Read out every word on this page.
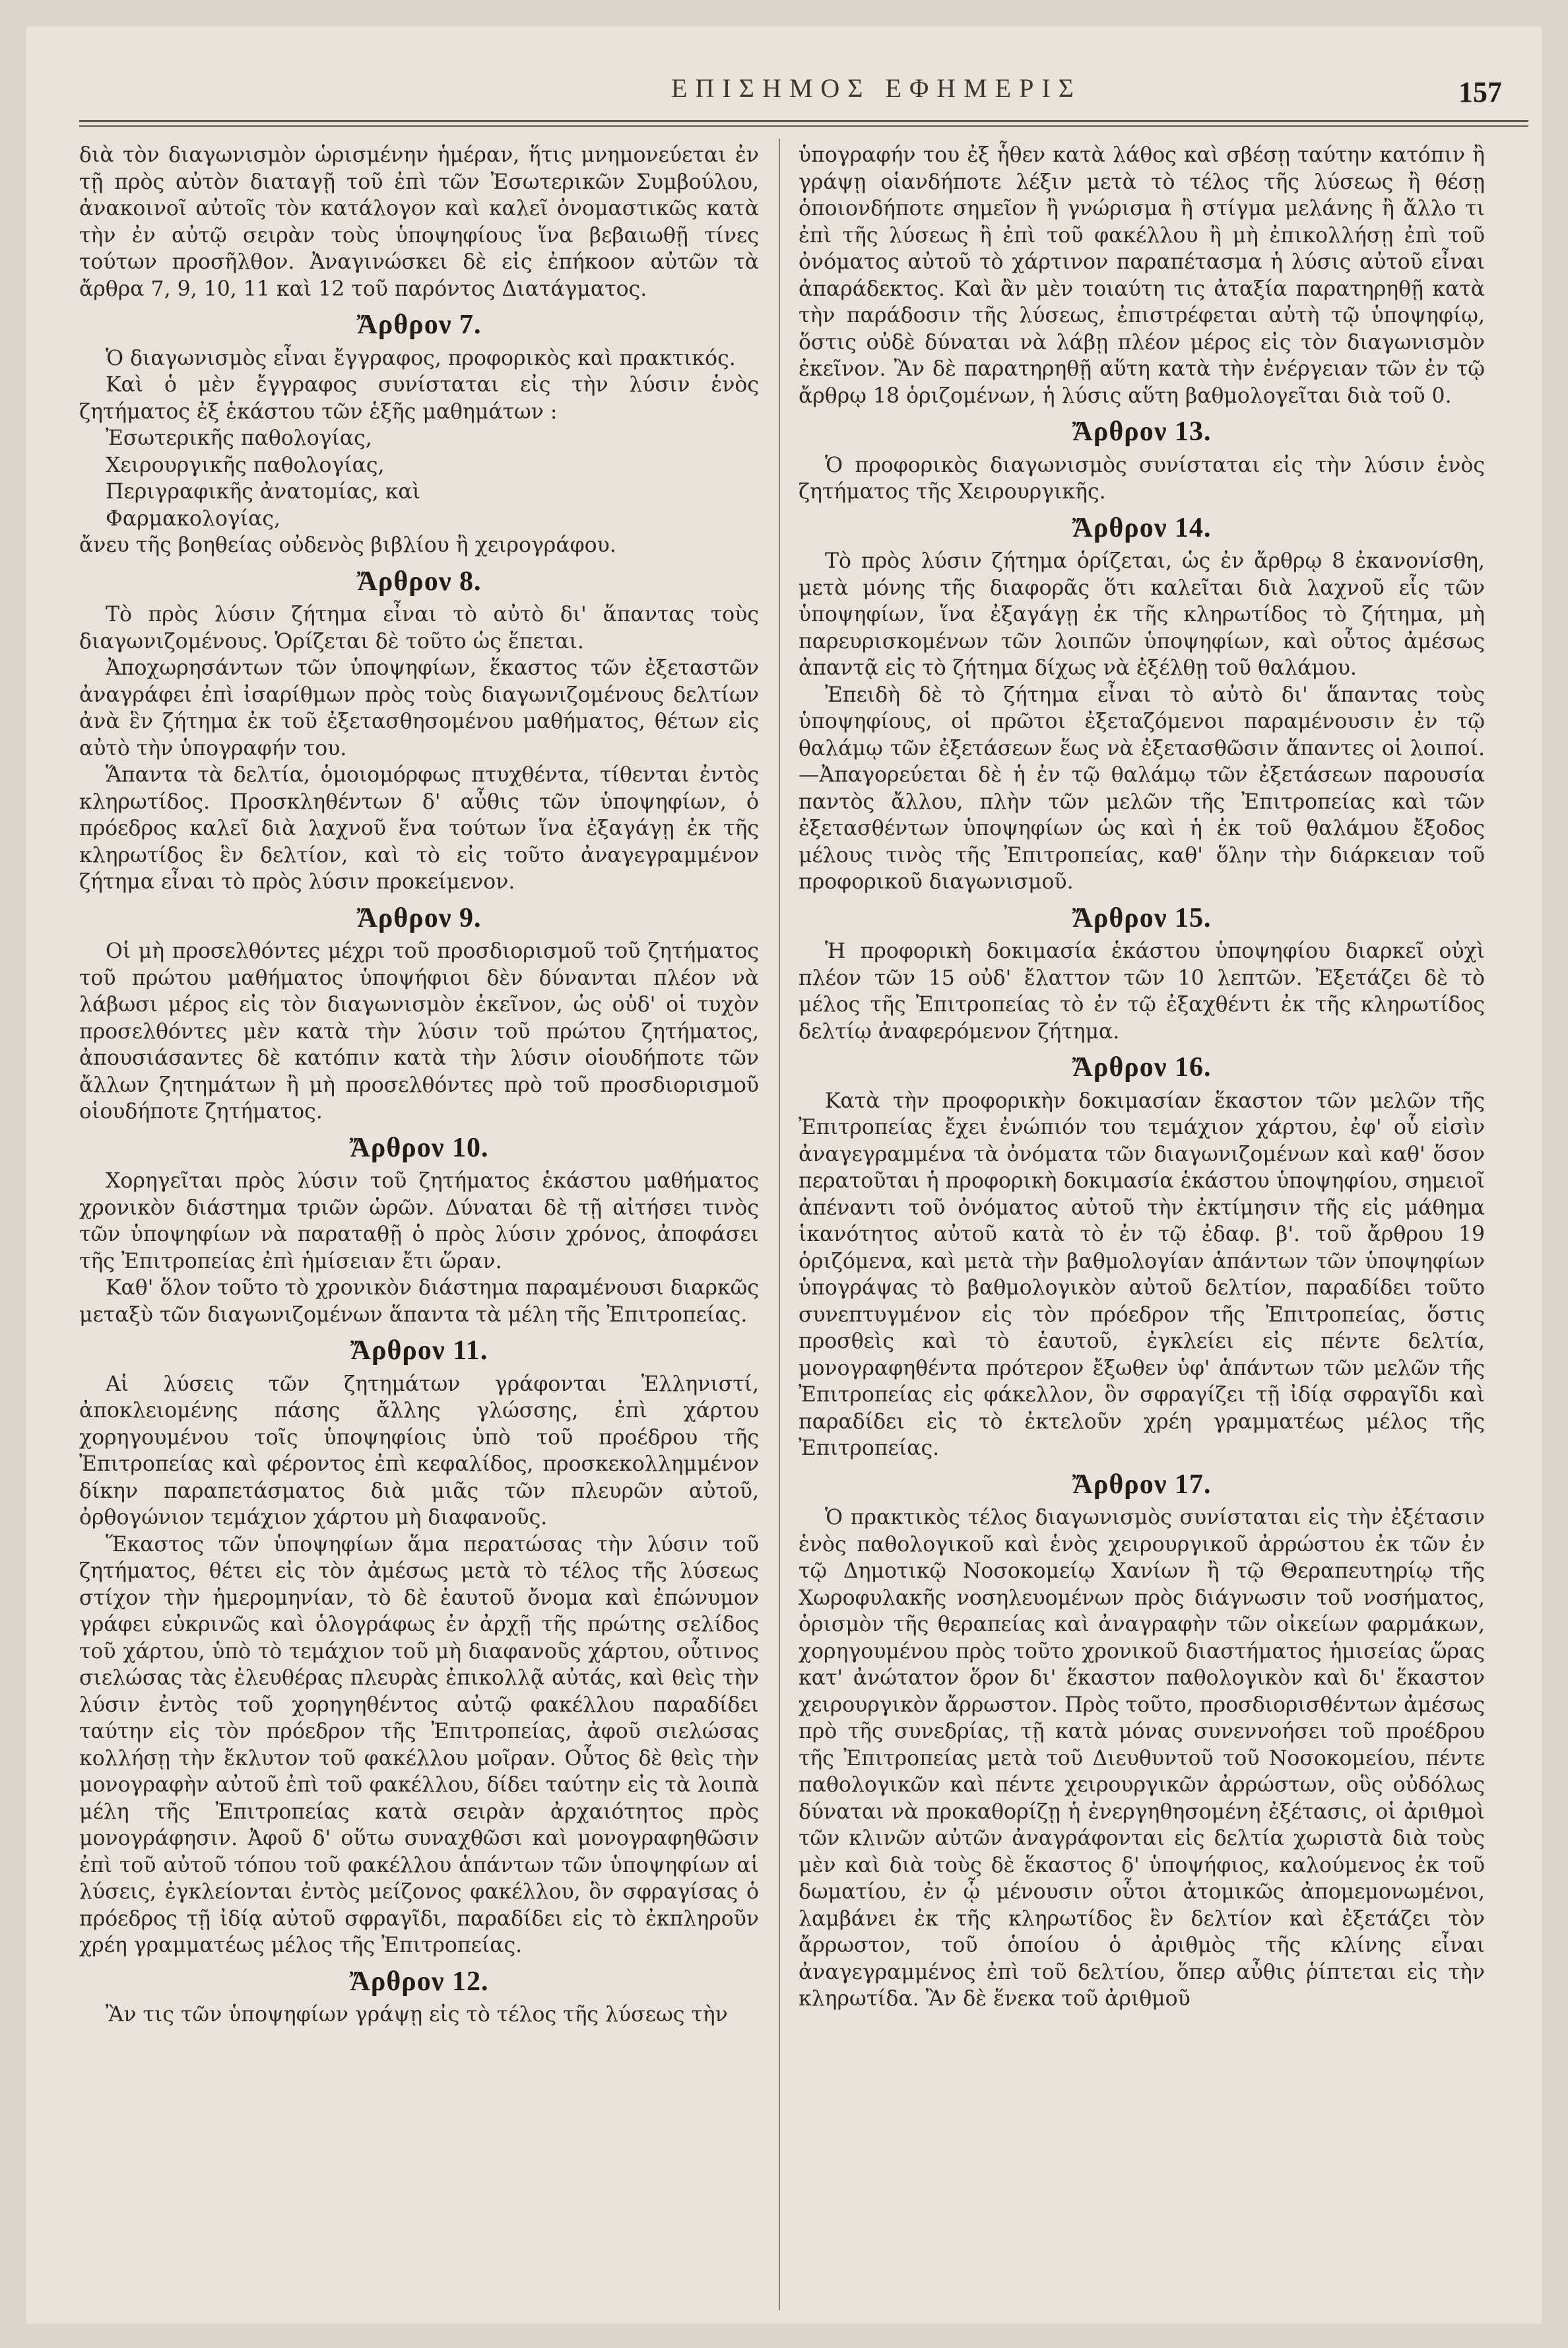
ΕΠΙΣΗΜΟΣ ΕΦΗΜΕΡΙΣ	157

διὰ τὸν διαγωνισμὸν ὡρισμένην ἡμέραν, ἥτις μνημονεύεται ἐν τῇ πρὸς αὐτὸν διαταγῇ τοῦ ἐπὶ τῶν Ἐσωτερικῶν Συμβούλου, ἀνακοινοῖ αὐτοῖς τὸν κατάλογον καὶ καλεῖ ὀνομαστικῶς κατὰ τὴν ἐν αὐτῷ σειρὰν τοὺς ὑποψηφίους ἵνα βεβαιωθῇ τίνες τούτων προσῆλθον. Ἀναγινώσκει δὲ εἰς ἐπήκοον αὐτῶν τὰ ἄρθρα 7, 9, 10, 11 καὶ 12 τοῦ παρόντος Διατάγματος.

Ἄρθρον 7.

Ὁ διαγωνισμὸς εἶναι ἔγγραφος, προφορικὸς καὶ πρακτικός.

Καὶ ὁ μὲν ἔγγραφος συνίσταται εἰς τὴν λύσιν ἑνὸς ζητήματος ἐξ ἑκάστου τῶν ἑξῆς μαθημάτων :

Ἐσωτερικῆς παθολογίας,
Χειρουργικῆς παθολογίας,
Περιγραφικῆς ἀνατομίας, καὶ
Φαρμακολογίας,

ἄνευ τῆς βοηθείας οὐδενὸς βιβλίου ἢ χειρογράφου.

Ἄρθρον 8.

Τὸ πρὸς λύσιν ζήτημα εἶναι τὸ αὐτὸ δι' ἅπαντας τοὺς διαγωνιζομένους. Ὁρίζεται δὲ τοῦτο ὡς ἕπεται.

Ἀποχωρησάντων τῶν ὑποψηφίων, ἕκαστος τῶν ἐξεταστῶν ἀναγράφει ἐπὶ ἰσαρίθμων πρὸς τοὺς διαγωνιζομένους δελτίων ἀνὰ ἓν ζήτημα ἐκ τοῦ ἐξετασθησομένου μαθήματος, θέτων εἰς αὐτὸ τὴν ὑπογραφήν του.

Ἅπαντα τὰ δελτία, ὁμοιομόρφως πτυχθέντα, τίθενται ἐντὸς κληρωτίδος. Προσκληθέντων δ' αὖθις τῶν ὑποψηφίων, ὁ πρόεδρος καλεῖ διὰ λαχνοῦ ἕνα τούτων ἵνα ἐξαγάγῃ ἐκ τῆς κληρωτίδος ἓν δελτίον, καὶ τὸ εἰς τοῦτο ἀναγεγραμμένον ζήτημα εἶναι τὸ πρὸς λύσιν προκείμενον.

Ἄρθρον 9.

Οἱ μὴ προσελθόντες μέχρι τοῦ προσδιορισμοῦ τοῦ ζητήματος τοῦ πρώτου μαθήματος ὑποψήφιοι δὲν δύνανται πλέον νὰ λάβωσι μέρος εἰς τὸν διαγωνισμὸν ἐκεῖνον, ὡς οὐδ' οἱ τυχὸν προσελθόντες μὲν κατὰ τὴν λύσιν τοῦ πρώτου ζητήματος, ἀπουσιάσαντες δὲ κατόπιν κατὰ τὴν λύσιν οἱουδήποτε τῶν ἄλλων ζητημάτων ἢ μὴ προσελθόντες πρὸ τοῦ προσδιορισμοῦ οἱουδήποτε ζητήματος.

Ἄρθρον 10.

Χορηγεῖται πρὸς λύσιν τοῦ ζητήματος ἑκάστου μαθήματος χρονικὸν διάστημα τριῶν ὡρῶν. Δύναται δὲ τῇ αἰτήσει τινὸς τῶν ὑποψηφίων νὰ παραταθῇ ὁ πρὸς λύσιν χρόνος, ἀποφάσει τῆς Ἐπιτροπείας ἐπὶ ἡμίσειαν ἔτι ὥραν.

Καθ' ὅλον τοῦτο τὸ χρονικὸν διάστημα παραμένουσι διαρκῶς μεταξὺ τῶν διαγωνιζομένων ἅπαντα τὰ μέλη τῆς Ἐπιτροπείας.

Ἄρθρον 11.

Αἱ λύσεις τῶν ζητημάτων γράφονται Ἑλληνιστί, ἀποκλειομένης πάσης ἄλλης γλώσσης, ἐπὶ χάρτου χορηγουμένου τοῖς ὑποψηφίοις ὑπὸ τοῦ προέδρου τῆς Ἐπιτροπείας καὶ φέροντος ἐπὶ κεφαλίδος, προσκεκολλημμένον δίκην παραπετάσματος διὰ μιᾶς τῶν πλευρῶν αὐτοῦ, ὀρθογώνιον τεμάχιον χάρτου μὴ διαφανοῦς.

Ἕκαστος τῶν ὑποψηφίων ἅμα περατώσας τὴν λύσιν τοῦ ζητήματος, θέτει εἰς τὸν ἀμέσως μετὰ τὸ τέλος τῆς λύσεως στίχον τὴν ἡμερομηνίαν, τὸ δὲ ἑαυτοῦ ὄνομα καὶ ἐπώνυμον γράφει εὐκρινῶς καὶ ὁλογράφως ἐν ἀρχῇ τῆς πρώτης σελίδος τοῦ χάρτου, ὑπὸ τὸ τεμάχιον τοῦ μὴ διαφανοῦς χάρτου, οὗτινος σιελώσας τὰς ἐλευθέρας πλευρὰς ἐπικολλᾷ αὐτάς, καὶ θεὶς τὴν λύσιν ἐντὸς τοῦ χορηγηθέντος αὐτῷ φακέλλου παραδίδει ταύτην εἰς τὸν πρόεδρον τῆς Ἐπιτροπείας, ἀφοῦ σιελώσας κολλήσῃ τὴν ἔκλυτον τοῦ φακέλλου μοῖραν. Οὗτος δὲ θεὶς τὴν μονογραφὴν αὐτοῦ ἐπὶ τοῦ φακέλλου, δίδει ταύτην εἰς τὰ λοιπὰ μέλη τῆς Ἐπιτροπείας κατὰ σειρὰν ἀρχαιότητος πρὸς μονογράφησιν. Ἀφοῦ δ' οὕτω συναχθῶσι καὶ μονογραφηθῶσιν ἐπὶ τοῦ αὐτοῦ τόπου τοῦ φακέλλου ἁπάντων τῶν ὑποψηφίων αἱ λύσεις, ἐγκλείονται ἐντὸς μείζονος φακέλλου, ὃν σφραγίσας ὁ πρόεδρος τῇ ἰδίᾳ αὐτοῦ σφραγῖδι, παραδίδει εἰς τὸ ἐκπληροῦν χρέη γραμματέως μέλος τῆς Ἐπιτροπείας.

Ἄρθρον 12.

Ἂν τις τῶν ὑποψηφίων γράψῃ εἰς τὸ τέλος τῆς λύσεως τὴν

ὑπογραφήν του ἐξ ἧθεν κατὰ λάθος καὶ σβέσῃ ταύτην κατόπιν ἢ γράψῃ οἱανδήποτε λέξιν μετὰ τὸ τέλος τῆς λύσεως ἢ θέσῃ ὁποιονδήποτε σημεῖον ἢ γνώρισμα ἢ στίγμα μελάνης ἢ ἄλλο τι ἐπὶ τῆς λύσεως ἢ ἐπὶ τοῦ φακέλλου ἢ μὴ ἐπικολλήσῃ ἐπὶ τοῦ ὀνόματος αὐτοῦ τὸ χάρτινον παραπέτασμα ἡ λύσις αὐτοῦ εἶναι ἀπαράδεκτος. Καὶ ἂν μὲν τοιαύτη τις ἀταξία παρατηρηθῇ κατὰ τὴν παράδοσιν τῆς λύσεως, ἐπιστρέφεται αὐτὴ τῷ ὑποψηφίῳ, ὅστις οὐδὲ δύναται νὰ λάβῃ πλέον μέρος εἰς τὸν διαγωνισμὸν ἐκεῖνον. Ἂν δὲ παρατηρηθῇ αὕτη κατὰ τὴν ἐνέργειαν τῶν ἐν τῷ ἄρθρῳ 18 ὁριζομένων, ἡ λύσις αὕτη βαθμολογεῖται διὰ τοῦ 0.

Ἄρθρον 13.

Ὁ προφορικὸς διαγωνισμὸς συνίσταται εἰς τὴν λύσιν ἑνὸς ζητήματος τῆς Χειρουργικῆς.

Ἄρθρον 14.

Τὸ πρὸς λύσιν ζήτημα ὁρίζεται, ὡς ἐν ἄρθρῳ 8 ἐκανονίσθη, μετὰ μόνης τῆς διαφορᾶς ὅτι καλεῖται διὰ λαχνοῦ εἷς τῶν ὑποψηφίων, ἵνα ἐξαγάγῃ ἐκ τῆς κληρωτίδος τὸ ζήτημα, μὴ παρευρισκομένων τῶν λοιπῶν ὑποψηφίων, καὶ οὗτος ἀμέσως ἀπαντᾷ εἰς τὸ ζήτημα δίχως νὰ ἐξέλθῃ τοῦ θαλάμου.

Ἐπειδὴ δὲ τὸ ζήτημα εἶναι τὸ αὐτὸ δι' ἅπαντας τοὺς ὑποψηφίους, οἱ πρῶτοι ἐξεταζόμενοι παραμένουσιν ἐν τῷ θαλάμῳ τῶν ἐξετάσεων ἕως νὰ ἐξετασθῶσιν ἅπαντες οἱ λοιποί.—Ἀπαγορεύεται δὲ ἡ ἐν τῷ θαλάμῳ τῶν ἐξετάσεων παρουσία παντὸς ἄλλου, πλὴν τῶν μελῶν τῆς Ἐπιτροπείας καὶ τῶν ἐξετασθέντων ὑποψηφίων ὡς καὶ ἡ ἐκ τοῦ θαλάμου ἔξοδος μέλους τινὸς τῆς Ἐπιτροπείας, καθ' ὅλην τὴν διάρκειαν τοῦ προφορικοῦ διαγωνισμοῦ.

Ἄρθρον 15.

Ἡ προφορικὴ δοκιμασία ἑκάστου ὑποψηφίου διαρκεῖ οὐχὶ πλέον τῶν 15 οὐδ' ἔλαττον τῶν 10 λεπτῶν. Ἐξετάζει δὲ τὸ μέλος τῆς Ἐπιτροπείας τὸ ἐν τῷ ἐξαχθέντι ἐκ τῆς κληρωτίδος δελτίῳ ἀναφερόμενον ζήτημα.

Ἄρθρον 16.

Κατὰ τὴν προφορικὴν δοκιμασίαν ἕκαστον τῶν μελῶν τῆς Ἐπιτροπείας ἔχει ἐνώπιόν του τεμάχιον χάρτου, ἐφ' οὗ εἰσὶν ἀναγεγραμμένα τὰ ὀνόματα τῶν διαγωνιζομένων καὶ καθ' ὅσον περατοῦται ἡ προφορικὴ δοκιμασία ἑκάστου ὑποψηφίου, σημειοῖ ἀπέναντι τοῦ ὀνόματος αὐτοῦ τὴν ἐκτίμησιν τῆς εἰς μάθημα ἱκανότητος αὐτοῦ κατὰ τὸ ἐν τῷ ἐδαφ. β'. τοῦ ἄρθρου 19 ὁριζόμενα, καὶ μετὰ τὴν βαθμολογίαν ἁπάντων τῶν ὑποψηφίων ὑπογράψας τὸ βαθμολογικὸν αὐτοῦ δελτίον, παραδίδει τοῦτο συνεπτυγμένον εἰς τὸν πρόεδρον τῆς Ἐπιτροπείας, ὅστις προσθεὶς καὶ τὸ ἑαυτοῦ, ἐγκλείει εἰς πέντε δελτία, μονογραφηθέντα πρότερον ἔξωθεν ὑφ' ἁπάντων τῶν μελῶν τῆς Ἐπιτροπείας εἰς φάκελλον, ὃν σφραγίζει τῇ ἰδίᾳ σφραγῖδι καὶ παραδίδει εἰς τὸ ἐκτελοῦν χρέη γραμματέως μέλος τῆς Ἐπιτροπείας.

Ἄρθρον 17.

Ὁ πρακτικὸς τέλος διαγωνισμὸς συνίσταται εἰς τὴν ἐξέτασιν ἑνὸς παθολογικοῦ καὶ ἑνὸς χειρουργικοῦ ἀρρώστου ἐκ τῶν ἐν τῷ Δημοτικῷ Νοσοκομείῳ Χανίων ἢ τῷ Θεραπευτηρίῳ τῆς Χωροφυλακῆς νοσηλευομένων πρὸς διάγνωσιν τοῦ νοσήματος, ὁρισμὸν τῆς θεραπείας καὶ ἀναγραφὴν τῶν οἰκείων φαρμάκων, χορηγουμένου πρὸς τοῦτο χρονικοῦ διαστήματος ἡμισείας ὥρας κατ' ἀνώτατον ὅρον δι' ἕκαστον παθολογικὸν καὶ δι' ἕκαστον χειρουργικὸν ἄρρωστον. Πρὸς τοῦτο, προσδιορισθέντων ἀμέσως πρὸ τῆς συνεδρίας, τῇ κατὰ μόνας συνεννοήσει τοῦ προέδρου τῆς Ἐπιτροπείας μετὰ τοῦ Διευθυντοῦ τοῦ Νοσοκομείου, πέντε παθολογικῶν καὶ πέντε χειρουργικῶν ἀρρώστων, οὓς οὐδόλως δύναται νὰ προκαθορίζῃ ἡ ἐνεργηθησομένη ἐξέτασις, οἱ ἀριθμοὶ τῶν κλινῶν αὐτῶν ἀναγράφονται εἰς δελτία χωριστὰ διὰ τοὺς μὲν καὶ διὰ τοὺς δὲ ἕκαστος δ' ὑποψήφιος, καλούμενος ἐκ τοῦ δωματίου, ἐν ᾧ μένουσιν οὗτοι ἀτομικῶς ἀπομεμονωμένοι, λαμβάνει ἐκ τῆς κληρωτίδος ἓν δελτίον καὶ ἐξετάζει τὸν ἄρρωστον, τοῦ ὁποίου ὁ ἀριθμὸς τῆς κλίνης εἶναι ἀναγεγραμμένος ἐπὶ τοῦ δελτίου, ὅπερ αὖθις ῥίπτεται εἰς τὴν κληρωτίδα. Ἂν δὲ ἕνεκα τοῦ ἀριθμοῦ
